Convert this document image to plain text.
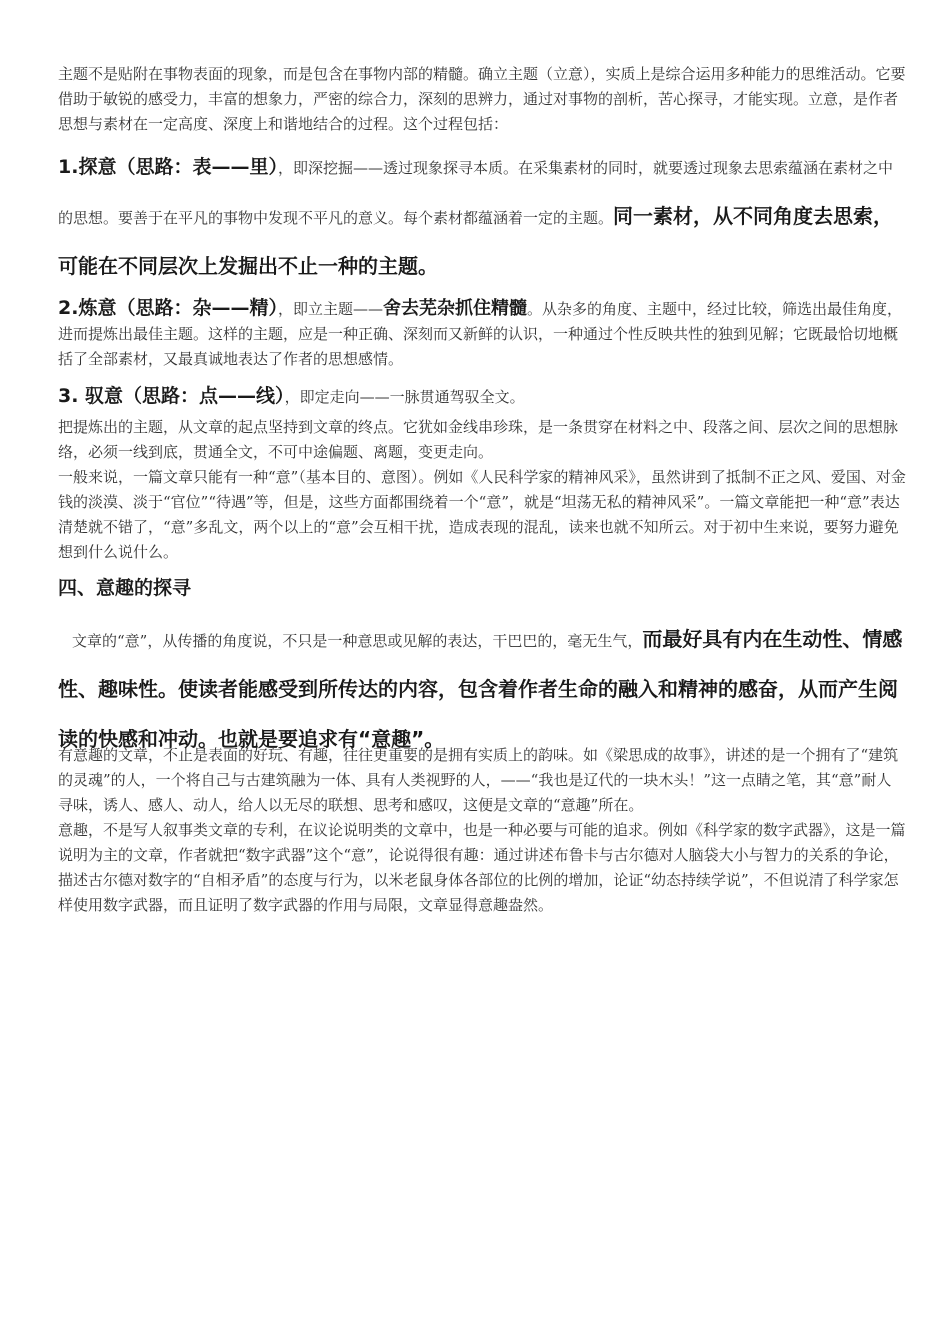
主题不是贴附在事物表面的现象，而是包含在事物内部的精髓。确立主题（立意），实质上是综合运用多种能力的思维活动。它要借助于敏锐的感受力，丰富的想象力，严密的综合力，深刻的思辨力，通过对事物的剖析，苦心探寻，才能实现。立意，是作者思想与素材在一定高度、深度上和谐地结合的过程。这个过程包括：

1.探意（思路：表——里），即深挖掘——透过现象探寻本质。在采集素材的同时，就要透过现象去思索蕴涵在素材之中的思想。要善于在平凡的事物中发现不平凡的意义。每个素材都蕴涵着一定的主题。同一素材，从不同角度去思索，可能在不同层次上发掘出不止一种的主题。

2.炼意（思路：杂——精），即立主题——舍去芜杂抓住精髓。从杂多的角度、主题中，经过比较，筛选出最佳角度，进而提炼出最佳主题。这样的主题，应是一种正确、深刻而又新鲜的认识，一种通过个性反映共性的独到见解；它既最恰切地概括了全部素材，又最真诚地表达了作者的思想感情。

3. 驭意（思路：点——线），即定走向——一脉贯通驾驭全文。

把提炼出的主题，从文章的起点坚持到文章的终点。它犹如金线串珍珠，是一条贯穿在材料之中、段落之间、层次之间的思想脉络，必须一线到底，贯通全文，不可中途偏题、离题，变更走向。

一般来说，一篇文章只能有一种“意”（基本目的、意图）。例如《人民科学家的精神风采》，虽然讲到了抵制不正之风、爱国、对金钱的淡漠、淡于“官位”“待遇”等，但是，这些方面都围绕着一个“意”，就是“坦荡无私的精神风采”。一篇文章能把一种“意”表达清楚就不错了，“意”多乱文，两个以上的“意”会互相干扰，造成表现的混乱，读来也就不知所云。对于初中生来说，要努力避免想到什么说什么。

四、意趣的探寻

文章的“意”，从传播的角度说，不只是一种意思或见解的表达，干巴巴的，毫无生气，而最好具有内在生动性、情感性、趣味性。使读者能感受到所传达的内容，包含着作者生命的融入和精神的感奋，从而产生阅读的快感和冲动。也就是要追求有“意趣”。

有意趣的文章，不止是表面的好玩、有趣，往往更重要的是拥有实质上的韵味。如《梁思成的故事》，讲述的是一个拥有了“建筑的灵魂”的人，一个将自己与古建筑融为一体、具有人类视野的人，——“我也是辽代的一块木头！”这一点睛之笔，其“意”耐人寻味，诱人、感人、动人，给人以无尽的联想、思考和感叹，这便是文章的“意趣”所在。

意趣，不是写人叙事类文章的专利，在议论说明类的文章中，也是一种必要与可能的追求。例如《科学家的数字武器》，这是一篇说明为主的文章，作者就把“数字武器”这个“意”，论说得很有趣：通过讲述布鲁卡与古尔德对人脑袋大小与智力的关系的争论，描述古尔德对数字的“自相矛盾”的态度与行为，以米老鼠身体各部位的比例的增加，论证“幼态持续学说”，不但说清了科学家怎样使用数字武器，而且证明了数字武器的作用与局限，文章显得意趣盎然。
